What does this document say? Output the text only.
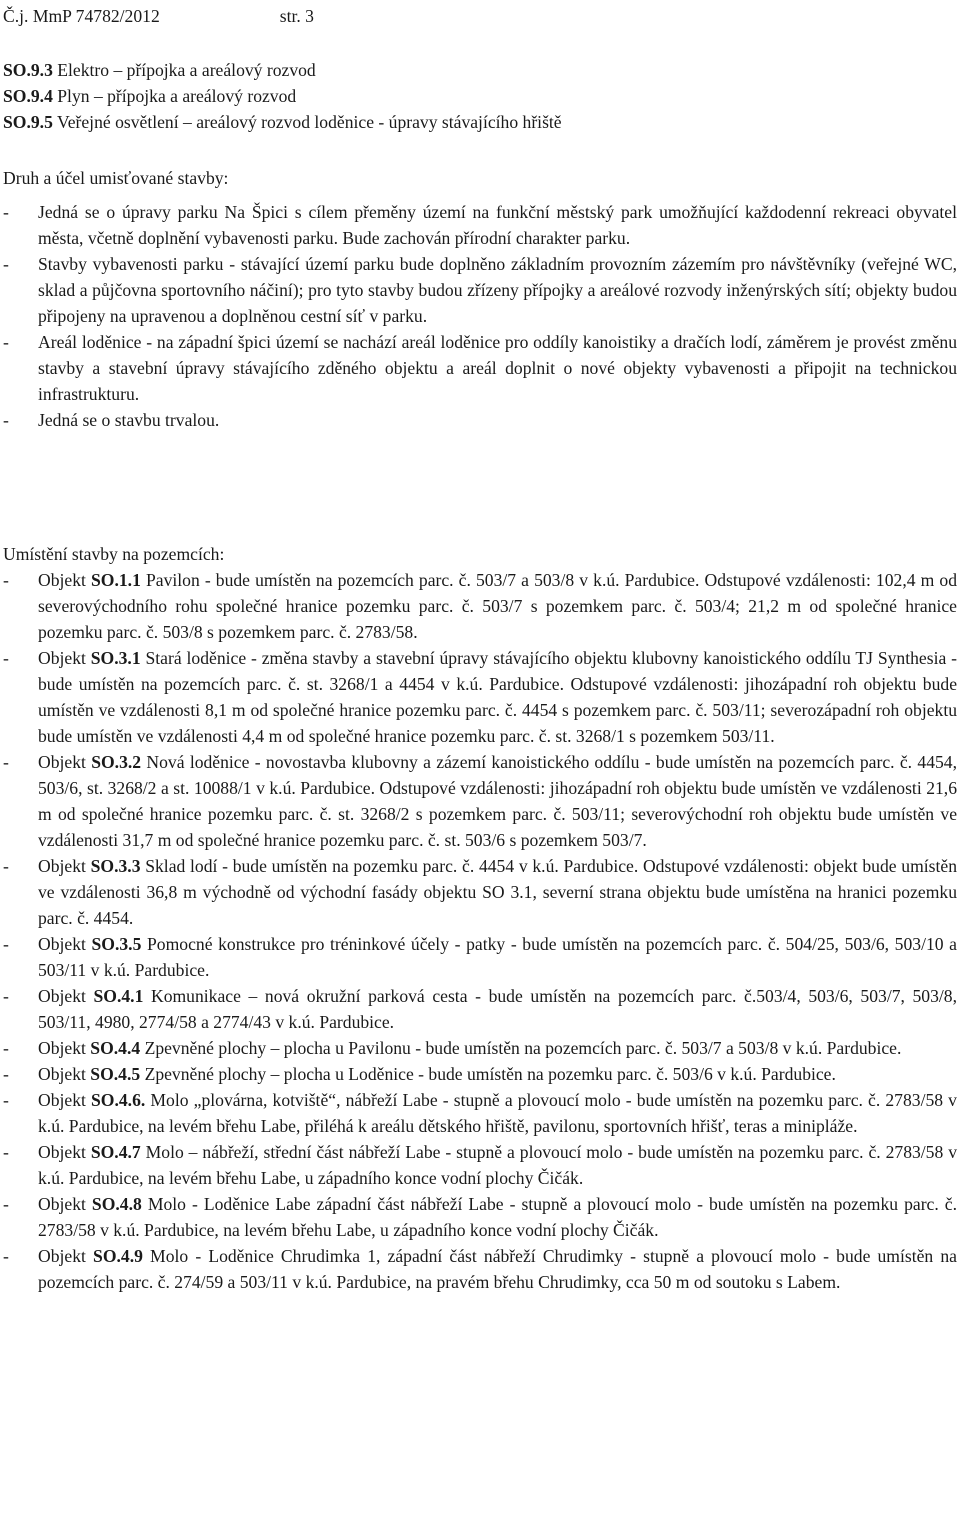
Č.j. MmP 74782/2012	str. 3
SO.9.3 Elektro – přípojka a areálový rozvod
SO.9.4 Plyn – přípojka a areálový rozvod
SO.9.5 Veřejné osvětlení – areálový rozvod loděnice - úpravy stávajícího hřiště
Druh a účel umisťované stavby:
- Jedná se o úpravy parku Na Špici s cílem přeměny území na funkční městský park umožňující každodenní rekreaci obyvatel města, včetně doplnění vybavenosti parku. Bude zachován přírodní charakter parku.
- Stavby vybavenosti parku - stávající území parku bude doplněno základním provozním zázemím pro návštěvníky (veřejné WC, sklad a půjčovna sportovního náčiní); pro tyto stavby budou zřízeny přípojky a areálové rozvody inženýrských sítí; objekty budou připojeny na upravenou a doplněnou cestní síť v parku.
- Areál loděnice - na západní špici území se nachází areál loděnice pro oddíly kanoistiky a dračích lodí, záměrem je provést změnu stavby a stavební úpravy stávajícího zděného objektu a areál doplnit o nové objekty vybavenosti a připojit na technickou infrastrukturu.
- Jedná se o stavbu trvalou.
Umístění stavby na pozemcích:
- Objekt SO.1.1 Pavilon - bude umístěn na pozemcích parc. č. 503/7 a 503/8 v k.ú. Pardubice. Odstupové vzdálenosti: 102,4 m od severovýchodního rohu společné hranice pozemku parc. č. 503/7 s pozemkem parc. č. 503/4; 21,2 m od společné hranice pozemku parc. č. 503/8 s pozemkem parc. č. 2783/58.
- Objekt SO.3.1 Stará loděnice - změna stavby a stavební úpravy stávajícího objektu klubovny kanoistického oddílu TJ Synthesia - bude umístěn na pozemcích parc. č. st. 3268/1 a 4454 v k.ú. Pardubice. Odstupové vzdálenosti: jihozápadní roh objektu bude umístěn ve vzdálenosti 8,1 m od společné hranice pozemku parc. č. 4454 s pozemkem parc. č. 503/11; severozápadní roh objektu bude umístěn ve vzdálenosti 4,4 m od společné hranice pozemku parc. č. st. 3268/1 s pozemkem 503/11.
- Objekt SO.3.2 Nová loděnice - novostavba klubovny a zázemí kanoistického oddílu - bude umístěn na pozemcích parc. č. 4454, 503/6, st. 3268/2 a st. 10088/1 v k.ú. Pardubice. Odstupové vzdálenosti: jihozápadní roh objektu bude umístěn ve vzdálenosti 21,6 m od společné hranice pozemku parc. č. st. 3268/2 s pozemkem parc. č. 503/11; severovýchodní roh objektu bude umístěn ve vzdálenosti 31,7 m od společné hranice pozemku parc. č. st. 503/6 s pozemkem 503/7.
- Objekt SO.3.3 Sklad lodí - bude umístěn na pozemku parc. č. 4454 v k.ú. Pardubice. Odstupové vzdálenosti: objekt bude umístěn ve vzdálenosti 36,8 m východně od východní fasády objektu SO 3.1, severní strana objektu bude umístěna na hranici pozemku parc. č. 4454.
- Objekt SO.3.5 Pomocné konstrukce pro tréninkové účely - patky - bude umístěn na pozemcích parc. č. 504/25, 503/6, 503/10 a 503/11 v k.ú. Pardubice.
- Objekt SO.4.1 Komunikace – nová okružní parková cesta - bude umístěn na pozemcích parc. č.503/4, 503/6, 503/7, 503/8, 503/11, 4980, 2774/58 a 2774/43 v k.ú. Pardubice.
- Objekt SO.4.4 Zpevněné plochy – plocha u Pavilonu - bude umístěn na pozemcích parc. č. 503/7 a 503/8 v k.ú. Pardubice.
- Objekt SO.4.5 Zpevněné plochy – plocha u Loděnice - bude umístěn na pozemku parc. č. 503/6 v k.ú. Pardubice.
- Objekt SO.4.6. Molo „plovárna, kotviště“, nábřeží Labe - stupně a plovoucí molo - bude umístěn na pozemku parc. č. 2783/58 v k.ú. Pardubice, na levém břehu Labe, přiléhá k areálu dětského hřiště, pavilonu, sportovních hřišť, teras a miniplážе.
- Objekt SO.4.7 Molo – nábřeží, střední část nábřeží Labe - stupně a plovoucí molo - bude umístěn na pozemku parc. č. 2783/58 v k.ú. Pardubice, na levém břehu Labe, u západního konce vodní plochy Čičák.
- Objekt SO.4.8 Molo - Loděnice Labe západní část nábřeží Labe - stupně a plovoucí molo - bude umístěn na pozemku parc. č. 2783/58 v k.ú. Pardubice, na levém břehu Labe, u západního konce vodní plochy Čičák.
- Objekt SO.4.9 Molo - Loděnice Chrudimka 1, západní část nábřeží Chrudimky - stupně a plovoucí molo - bude umístěn na pozemcích parc. č. 274/59 a 503/11 v k.ú. Pardubice, na pravém břehu Chrudimky, cca 50 m od soutoku s Labem.
